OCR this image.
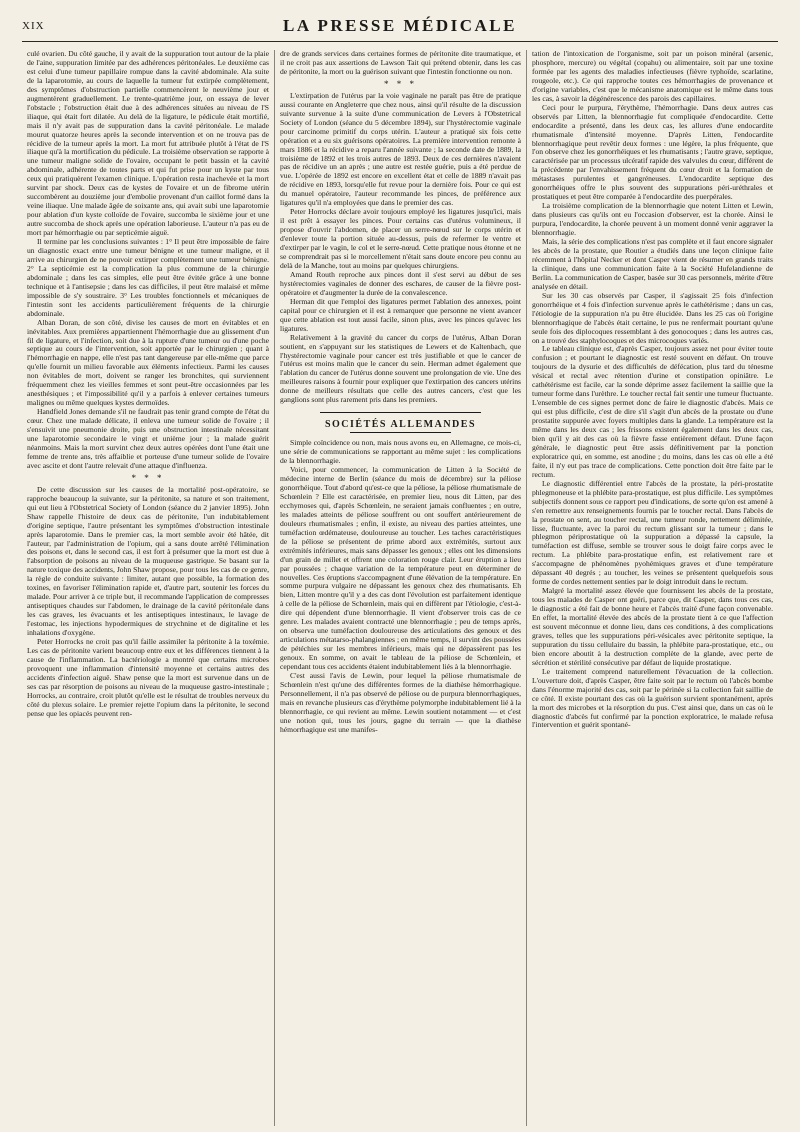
XIX	LA PRESSE MÉDICALE

culé ovarien. Du côté gauche, il y avait de la suppuration tout autour de la plaie de l'aine, suppuration limitée par des adhérences péritonéales. Le deuxième cas est celui d'une tumeur papillaire rompue dans la cavité abdominale. Ala suite de la laparotomie, au cours de laquelle la tumeur fut extirpée complètement, des symptômes d'obstruction partielle commencèrent le neuvième jour et augmentèrent graduellement. Le trente-quatrième jour, on essaya de lever l'obstacle ; l'obstruction était due à des adhérences situées au niveau de l'S iliaque, qui était fort dilatée. Au delà de la ligature, le pédicule était mortifié, mais il n'y avait pas de suppuration dans la cavité péritonéale. Le malade mourut quatorze heures après la seconde intervention et on ne trouva pas de récidive de la tumeur après la mort. La mort fut attribuée plutôt à l'état de l'S iliaque qu'à la mortification du pédicule. La troisième observation se rapporte à une tumeur maligne solide de l'ovaire, occupant le petit bassin et la cavité abdominale, adhérente de toutes parts et qui fut prise pour un kyste par tous ceux qui pratiquèrent l'examen clinique. L'opération resta inachevée et la mort survint par shock. Deux cas de kystes de l'ovaire et un de fibrome utérin succombèrent au douzième jour d'embolie provenant d'un caillot formé dans la veine iliaque. Une malade âgée de soixante ans, qui avait subi une laparotomie pour ablation d'un kyste colloïde de l'ovaire, succomba le sixième jour et une autre succomba de shock après une opération laborieuse. L'auteur n'a pas eu de mort par hémorrhagie ou par septicémie aiguë.

Il termine par les conclusions suivantes : 1° Il peut être impossible de faire un diagnostic exact entre une tumeur bénigne et une tumeur maligne, et il arrive au chirurgien de ne pouvoir extirper complètement une tumeur bénigne. 2° La septicémie est la complication la plus commune de la chirurgie abdominale ; dans les cas simples, elle peut être évitée grâce à une bonne technique et à l'antisepsie ; dans les cas difficiles, il peut être malaisé et même impossible de s'y soustraire. 3° Les troubles fonctionnels et mécaniques de l'intestin sont les accidents particulièrement fréquents de la chirurgie abdominale.

Alban Doran, de son côté, divise les causes de mort en évitables et en inévitables. Aux premières appartiennent l'hémorrhagie due au glissement d'un fil de ligature, et l'infection, soit due à la rupture d'une tumeur ou d'une poche septique au cours de l'intervention, soit apportée par le chirurgien ; quant à l'hémorrhagie en nappe, elle n'est pas tant dangereuse par elle-même que parce qu'elle fournit un milieu favorable aux éléments infectieux. Parmi les causes non évitables de mort, doivent se ranger les bronchites, qui surviennent fréquemment chez les vieilles femmes et sont peut-être occasionnées par les anesthésiques ; et l'impossibilité qu'il y a parfois à enlever certaines tumeurs malignes ou même quelques kystes dermoïdes.

Handfield Jones demande s'il ne faudrait pas tenir grand compte de l'état du cœur. Chez une malade délicate, il enleva une tumeur solide de l'ovaire ; il s'ensuivit une pneumonie droite, puis une obstruction intestinale nécessitant une laparotomie secondaire le vingt et unième jour ; la malade guérit néanmoins. Mais la mort survint chez deux autres opérées dont l'une était une femme de trente ans, très affaiblie et porteuse d'une tumeur solide de l'ovaire avec ascite et dont l'autre relevait d'une attaque d'influenza.

* * *

De cette discussion sur les causes de la mortalité post-opératoire, se rapproche beaucoup la suivante, sur la péritonite, sa nature et son traitement, qui eut lieu à l'Obstetrical Society of London (séance du 2 janvier 1895). John Shaw rappelle l'histoire de deux cas de péritonite, l'un indubitablement d'origine septique, l'autre présentant les symptômes d'obstruction intestinale après laparotomie. Dans le premier cas, la mort semble avoir été hâtée, dit l'auteur, par l'administration de l'opium, qui a sans doute arrêté l'élimination des poisons et, dans le second cas, il est fort à présumer que la mort est due à l'absorption de poisons au niveau de la muqueuse gastrique. Se basant sur la nature toxique des accidents, John Shaw propose, pour tous les cas de ce genre, la règle de conduite suivante : limiter, autant que possible, la formation des toxines, en favoriser l'élimination rapide et, d'autre part, soutenir les forces du malade. Pour arriver à ce triple but, il recommande l'application de compresses antiseptiques chaudes sur l'abdomen, le drainage de la cavité péritonéale dans les cas graves, les évacuants et les antiseptiques intestinaux, le lavage de l'estomac, les injections hypodermiques de strychnine et de digitaline et les inhalations d'oxygène.

Peter Horrocks ne croit pas qu'il faille assimiler la péritonite à la toxémie. Les cas de péritonite varient beaucoup entre eux et les différences tiennent à la cause de l'inflammation. La bactériologie a montré que certains microbes provoquent une inflammation d'intensité moyenne et certains autres des accidents d'infection aiguë. Shaw pense que la mort est survenue dans un de ses cas par résorption de poisons au niveau de la muqueuse gastro-intestinale ; Horrocks, au contraire, croit plutôt qu'elle est le résultat de troubles nerveux du côté du plexus solaire. Le premier rejette l'opium dans la péritonite, le second pense que les opiacés peuvent ren-

dre de grands services dans certaines formes de péritonite dite traumatique, et il ne croit pas aux assertions de Lawson Tait qui prétend obtenir, dans les cas de péritonite, la mort ou la guérison suivant que l'intestin fonctionne ou non.

* * *

L'extirpation de l'utérus par la voie vaginale ne paraît pas être de pratique aussi courante en Angleterre que chez nous, ainsi qu'il résulte de la discussion suivante survenue à la suite d'une communication de Levers à l'Obstetrical Society of London (séance du 5 décembre 1894), sur l'hystérectomie vaginale pour carcinome primitif du corps utérin. L'auteur a pratiqué six fois cette opération et a eu six guérisons opératoires. La première intervention remonte à mars 1886 et la récidive a reparu l'année suivante ; la seconde date de 1889, la troisième de 1892 et les trois autres de 1893. Deux de ces dernières n'avaient pas de récidive un an après ; une autre est restée guérie, puis a été perdue de vue. L'opérée de 1892 est encore en excellent état et celle de 1889 n'avait pas de récidive en 1893, lorsqu'elle fut revue pour la dernière fois. Pour ce qui est du manuel opératoire, l'auteur recommande les pinces, de préférence aux ligatures qu'il n'a employées que dans le premier des cas.

Peter Horrocks déclare avoir toujours employé les ligatures jusqu'ici, mais il est prêt à essayer les pinces. Pour certains cas d'utérus volumineux, il propose d'ouvrir l'abdomen, de placer un serre-nœud sur le corps utérin et d'enlever toute la portion située au-dessus, puis de refermer le ventre et d'extirper par le vagin, le col et le serre-nœud. Cette pratique nous étonne et ne se comprendrait pas si le morcellement n'était sans doute encore peu connu au delà de la Manche, tout au moins par quelques chirurgiens.

Amand Routh reproche aux pinces dont il s'est servi au début de ses hystérectomies vaginales de donner des eschares, de causer de la fièvre post-opératoire et d'augmenter la durée de la convalescence.

Herman dit que l'emploi des ligatures permet l'ablation des annexes, point capital pour ce chirurgien et il est à remarquer que personne ne vient avancer que cette ablation est tout aussi facile, sinon plus, avec les pinces qu'avec les ligatures.

Relativement à la gravité du cancer du corps de l'utérus, Alban Doran soutient, en s'appuyant sur les statistiques de Lewers et de Kaltenbach, que l'hystérectomie vaginale pour cancer est très justifiable et que le cancer de l'utérus est moins malin que le cancer du sein. Herman admet également que l'ablation du cancer de l'utérus donne souvent une prolongation de vie. Une des meilleures raisons à fournir pour expliquer que l'extirpation des cancers utérins donne de meilleurs résultats que celle des autres cancers, c'est que les ganglions sont plus rarement pris dans les premiers.

SOCIÉTÉS ALLEMANDES

Simple coïncidence ou non, mais nous avons eu, en Allemagne, ce mois-ci, une série de communications se rapportant au même sujet : les complications de la blennorrhagie.

Voici, pour commencer, la communication de Litten à la Société de médecine interne de Berlin (séance du mois de décembre) sur la péliose gonorrhéique. Tout d'abord qu'est-ce que la péliose, la péliose rhumatismale de Schœnlein ? Elle est caractérisée, en premier lieu, nous dit Litten, par des ecchymoses qui, d'après Schœnlein, ne seraient jamais confluentes ; en outre, les malades atteints de péliose souffrent ou ont souffert antérieurement de douleurs rhumatismales ; enfin, il existe, au niveau des parties atteintes, une tuméfaction œdémateuse, douloureuse au toucher. Les taches caractéristiques de la péliose se présentent de prime abord aux extrémités, surtout aux extrémités inférieures, mais sans dépasser les genoux ; elles ont les dimensions d'un grain de millet et offrent une coloration rouge clair. Leur éruption a lieu par poussées ; chaque variation de la température peut en déterminer de nouvelles. Ces éruptions s'accompagnent d'une élévation de la température. En somme purpura vulgaire ne dépassant les genoux chez des rhumatisants. Eh bien, Litten montre qu'il y a des cas dont l'évolution est parfaitement identique à celle de la péliose de Schœnlein, mais qui en diffèrent par l'étiologie, c'est-à-dire qui dépendent d'une blennorrhagie. Il vient d'observer trois cas de ce genre. Les malades avaient contracté une blennorrhagie ; peu de temps après, on observa une tuméfaction douloureuse des articulations des genoux et des articulations métatarso-phalangiennes ; en même temps, il survint des poussées de pétéchies sur les membres inférieurs, mais qui ne dépassèrent pas les genoux. En somme, on avait le tableau de la péliose de Schœnlein, et cependant tous ces accidents étaient indubitablement liés à la blennorrhagie.

C'est aussi l'avis de Lewin, pour lequel la péliose rhumatismale de Schœnlein n'est qu'une des différentes formes de la diathèse hémorrhagique. Personnellement, il n'a pas observé de péliose ou de purpura blennorrhagiques, mais en revanche plusieurs cas d'érythème polymorphe indubitablement lié à la blennorrhagie, ce qui revient au même. Lewin soutient notamment — et c'est une notion qui, tous les jours, gagne du terrain — que la diathèse hémorrhagique est une manifes-

tation de l'intoxication de l'organisme, soit par un poison minéral (arsenic, phosphore, mercure) ou végétal (copahu) ou alimentaire, soit par une toxine formée par les agents des maladies infectieuses (fièvre typhoïde, scarlatine, rougeole, etc.). Ce qui rapproche toutes ces hémorrhagies de provenance et d'origine variables, c'est que le mécanisme anatomique est le même dans tous les cas, à savoir la dégénérescence des parois des capillaires.

Ceci pour le purpura, l'érythème, l'hémorrhagie. Dans deux autres cas observés par Litten, la blennorrhagie fut compliquée d'endocardite. Cette endocardite a présenté, dans les deux cas, les allures d'une endocardite rhumatismale d'intensité moyenne. D'après Litten, l'endocardite blennorrhagique peut revêtir deux formes : une légère, la plus fréquente, que l'on observe chez les gonorrhéiques et les rhumatisants ; l'autre grave, septique, caractérisée par un processus ulcératif rapide des valvules du cœur, différent de la précédente par l'envahissement fréquent du cœur droit et la formation de métastases purulentes et gangréneuses. L'endocardite septique des gonorrhéiques offre le plus souvent des suppurations péri-uréthrales et prostatiques et peut être comparée à l'endocardite des puerpérales.

La troisième complication de la blennorrhagie que notent Litten et Lewin, dans plusieurs cas qu'ils ont eu l'occasion d'observer, est la chorée. Ainsi le purpura, l'endocardite, la chorée peuvent à un moment donné venir aggraver la blennorrhagie.

Mais, la série des complications n'est pas complète et il faut encore signaler les abcès de la prostate, que Routier a étudiés dans une leçon clinique faite récemment à l'hôpital Necker et dont Casper vient de résumer en grands traits la clinique, dans une communication faite à la Société Hufelandienne de Berlin. La communication de Casper, basée sur 30 cas personnels, mérite d'être analysée en détail.

Sur les 30 cas observés par Casper, il s'agissait 25 fois d'infection gonorrhéique et 4 fois d'infection survenue après le cathétérisme ; dans un cas, l'étiologie de la suppuration n'a pu être élucidée. Dans les 25 cas où l'origine blennorrhagique de l'abcès était certaine, le pus ne renfermait pourtant qu'une seule fois des diplocoques ressemblant à des gonocoques ; dans les autres cas, on a trouvé des staphylocoques et des microcoques variés.

Le tableau clinique est, d'après Casper, toujours assez net pour éviter toute confusion ; et pourtant le diagnostic est resté souvent en défaut. On trouve toujours de la dysurie et des difficultés de défécation, plus tard du ténesme vésical et rectal avec rétention d'urine et constipation opiniâtre. Le cathétérisme est facile, car la sonde déprime assez facilement la saillie que la tumeur forme dans l'urèthre. Le toucher rectal fait sentir une tumeur fluctuante. L'ensemble de ces signes permet donc de faire le diagnostic d'abcès. Mais ce qui est plus difficile, c'est de dire s'il s'agit d'un abcès de la prostate ou d'une prostatite suppurée avec foyers multiples dans la glande. La température est la même dans les deux cas ; les frissons existent également dans les deux cas, bien qu'il y ait des cas où la fièvre fasse entièrement défaut. D'une façon générale, le diagnostic peut être assis définitivement par la ponction exploratrice qui, en somme, est anodine ; du moins, dans les cas où elle a été faite, il n'y eut pas trace de complications. Cette ponction doit être faite par le rectum.

Le diagnostic différentiel entre l'abcès de la prostate, la péri-prostatite phlegmoneuse et la phlébite para-prostatique, est plus difficile. Les symptômes subjectifs donnent sous ce rapport peu d'indications, de sorte qu'on est amené à s'en remettre aux renseignements fournis par le toucher rectal. Dans l'abcès de la prostate on sent, au toucher rectal, une tumeur ronde, nettement délimitée, lisse, fluctuante, avec la paroi du rectum glissant sur la tumeur ; dans le phlegmon périprostatique où la suppuration a dépassé la capsule, la tuméfaction est diffuse, semble se trouver sous le doigt faire corps avec le rectum. La phlébite para-prostatique enfin, est relativement rare et s'accompagne de phénomènes pyohémiques graves et d'une température dépassant 40 degrés ; au toucher, les veines se présentent quelquefois sous forme de cordes nettement senties par le doigt introduit dans le rectum.

Malgré la mortalité assez élevée que fournissent les abcès de la prostate, tous les malades de Casper ont guéri, parce que, dit Casper, dans tous ces cas, le diagnostic a été fait de bonne heure et l'abcès traité d'une façon convenable. En effet, la mortalité élevée des abcès de la prostate tient à ce que l'affection est souvent méconnue et donne lieu, dans ces conditions, à des complications graves, telles que les suppurations péri-vésicales avec péritonite septique, la suppuration du tissu cellulaire du bassin, la phlébite para-prostatique, etc., ou bien encore aboutit à la destruction complète de la glande, avec perte de sécrétion et stérilité consécutive par défaut de liquide prostatique.

Le traitement comprend naturellement l'évacuation de la collection. L'ouverture doit, d'après Casper, être faite soit par le rectum où l'abcès bombe dans l'énorme majorité des cas, soit par le périnée si la collection fait saillie de ce côté. Il existe pourtant des cas où la guérison survient spontanément, après la mort des microbes et la résorption du pus. C'est ainsi que, dans un cas où le diagnostic d'abcès fut confirmé par la ponction exploratrice, le malade refusa l'intervention et guérit spontané-
